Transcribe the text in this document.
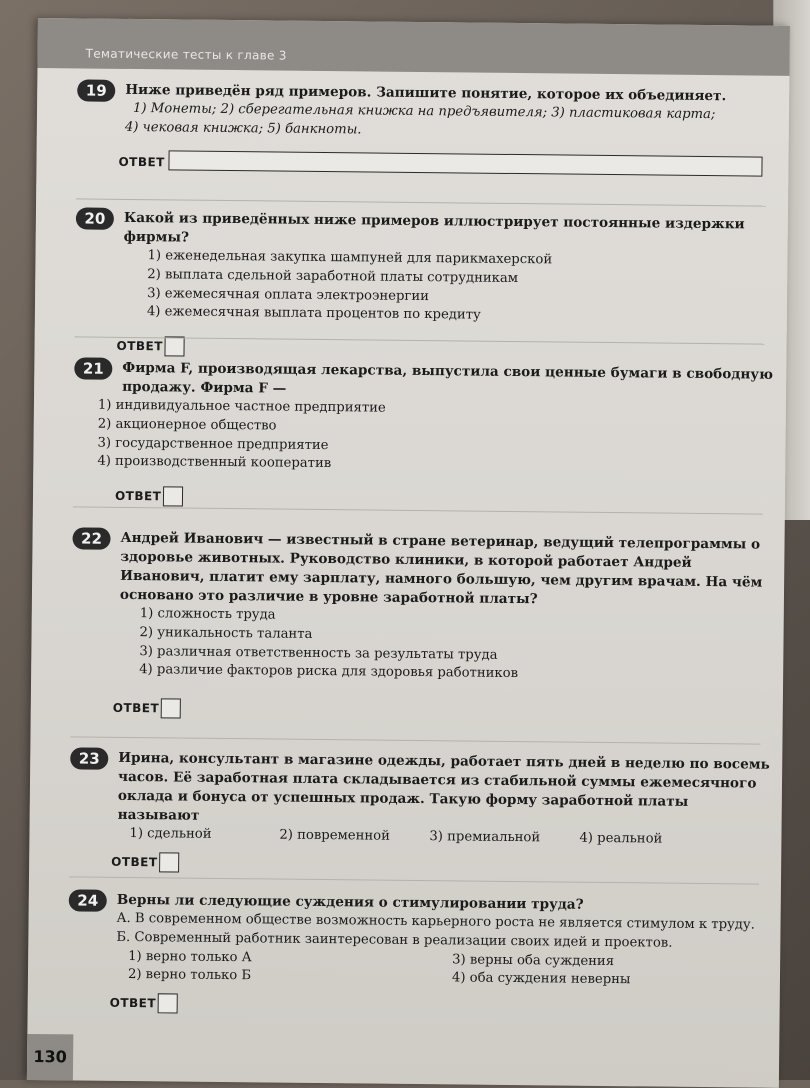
Тематические тесты к главе 3
19	Ниже приведён ряд примеров. Запишите понятие, которое их объединяет.
1) Монеты; 2) сберегательная книжка на предъявителя; 3) пластиковая карта;
4) чековая книжка; 5) банкноты.
ОТВЕТ
20	Какой из приведённых ниже примеров иллюстрирует постоянные издержки фирмы?
1) еженедельная закупка шампуней для парикмахерской
2) выплата сдельной заработной платы сотрудникам
3) ежемесячная оплата электроэнергии
4) ежемесячная выплата процентов по кредиту
ОТВЕТ
21	Фирма F, производящая лекарства, выпустила свои ценные бумаги в свободную продажу. Фирма F —
1) индивидуальное частное предприятие
2) акционерное общество
3) государственное предприятие
4) производственный кооператив
ОТВЕТ
22	Андрей Иванович — известный в стране ветеринар, ведущий телепрограммы о здоровье животных. Руководство клиники, в которой работает Андрей Иванович, платит ему зарплату, намного большую, чем другим врачам. На чём основано это различие в уровне заработной платы?
1) сложность труда
2) уникальность таланта
3) различная ответственность за результаты труда
4) различие факторов риска для здоровья работников
ОТВЕТ
23	Ирина, консультант в магазине одежды, работает пять дней в неделю по восемь часов. Её заработная плата складывается из стабильной суммы ежемесячного оклада и бонуса от успешных продаж. Такую форму заработной платы называют
1) сдельной	2) повременной	3) премиальной	4) реальной
ОТВЕТ
24	Верны ли следующие суждения о стимулировании труда?
А. В современном обществе возможность карьерного роста не является стимулом к труду.
Б. Современный работник заинтересован в реализации своих идей и проектов.
1) верно только А	3) верны оба суждения
2) верно только Б	4) оба суждения неверны
ОТВЕТ
130
